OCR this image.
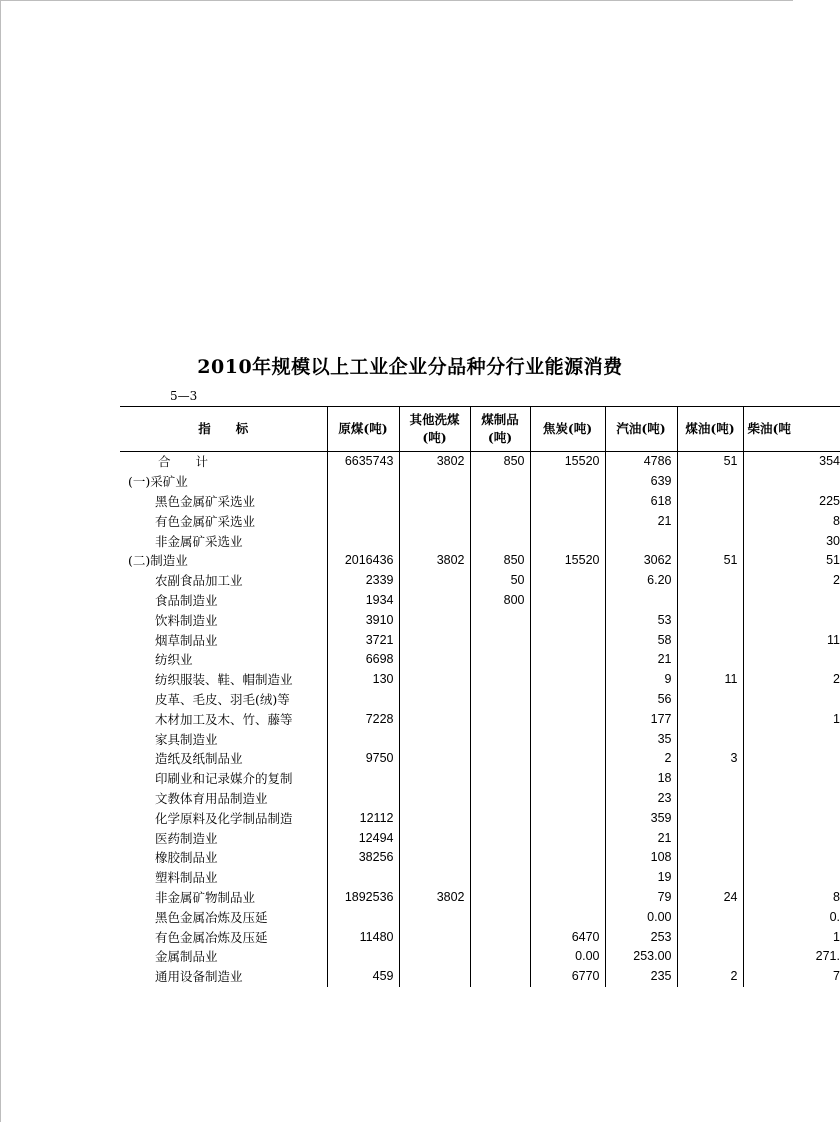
2010年规模以上工业企业分品种分行业能源消费
5—3
指　　标	原煤(吨)	其他洗煤(吨)	煤制品(吨)	焦炭(吨)	汽油(吨)	煤油(吨)	柴油(吨
合　　计	6635743	3802	850	15520	4786	51	354
(一)采矿业					639		
黑色金属矿采选业					618		225
有色金属矿采选业					21		8
非金属矿采选业							30
(二)制造业	2016436	3802	850	15520	3062	51	51
农副食品加工业	2339		50		6.20		2
食品制造业	1934		800				
饮料制造业	3910				53		
烟草制品业	3721				58		11
纺织业	6698				21		
纺织服装、鞋、帽制造业	130				9	11	2
皮革、毛皮、羽毛(绒)等					56		
木材加工及木、竹、藤等	7228				177		1
家具制造业					35		
造纸及纸制品业	9750				2	3	
印刷业和记录媒介的复制					18		
文教体育用品制造业					23		
化学原料及化学制品制造	12112				359		
医药制造业	12494				21		
橡胶制品业	38256				108		
塑料制品业					19		
非金属矿物制品业	1892536	3802			79	24	8
黑色金属冶炼及压延					0.00		0.
有色金属冶炼及压延	11480			6470	253		1
金属制品业				0.00	253.00		271.
通用设备制造业	459			6770	235	2	7
